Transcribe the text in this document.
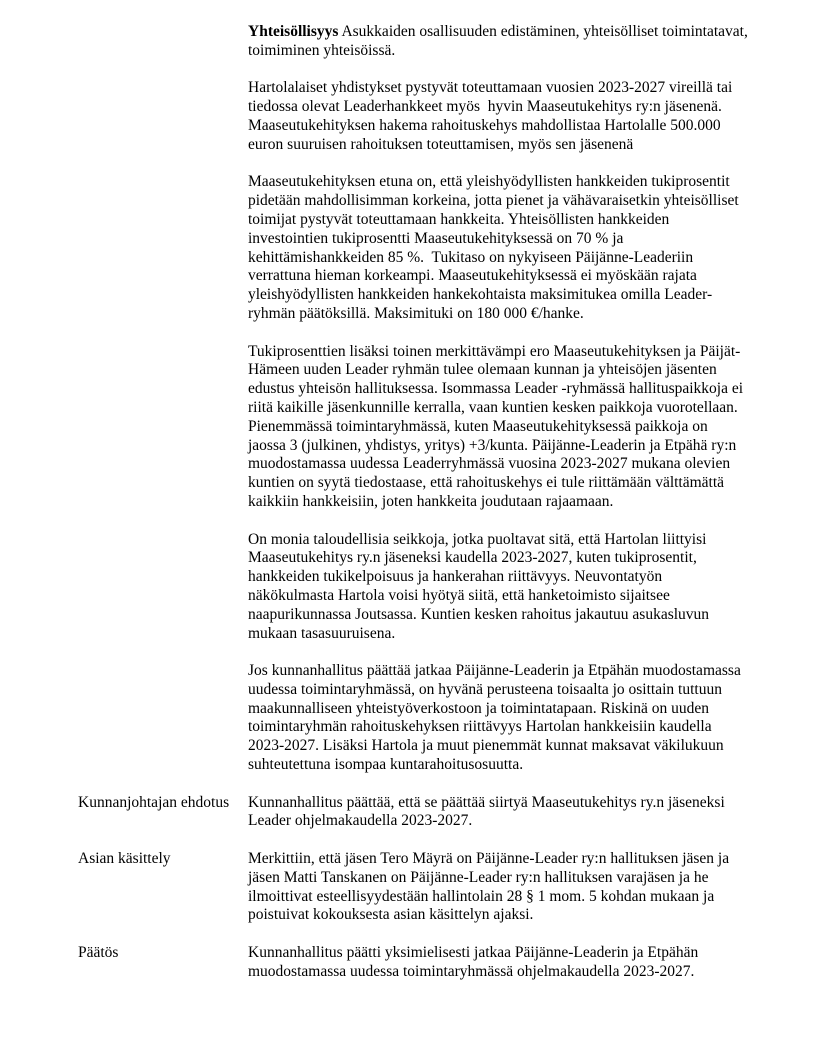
Yhteisöllisyys Asukkaiden osallisuuden edistäminen, yhteisölliset toimintatavat, toimiminen yhteisöissä.

Hartolalaiset yhdistykset pystyvät toteuttamaan vuosien 2023-2027 vireillä tai tiedossa olevat Leaderhankkeet myös  hyvin Maaseutukehitys ry:n jäsenenä. Maaseutukehityksen hakema rahoituskehys mahdollistaa Hartolalle 500.000 euron suuruisen rahoituksen toteuttamisen, myös sen jäsenenä

Maaseutukehityksen etuna on, että yleishyödyllisten hankkeiden tukiprosentit pidetään mahdollisimman korkeina, jotta pienet ja vähävaraisetkin yhteisölliset toimijat pystyvät toteuttamaan hankkeita. Yhteisöllisten hankkeiden investointien tukiprosentti Maaseutukehityksessä on 70 % ja kehittämishankkeiden 85 %.  Tukitaso on nykyiseen Päijänne-Leaderiin verrattuna hieman korkeampi. Maaseutukehityksessä ei myöskään rajata yleishyödyllisten hankkeiden hankekohtaista maksimitukea omilla Leader-ryhmän päätöksillä. Maksimituki on 180 000 €/hanke.

Tukiprosenttien lisäksi toinen merkittävämpi ero Maaseutukehityksen ja Päijät-Hämeen uuden Leader ryhmän tulee olemaan kunnan ja yhteisöjen jäsenten edustus yhteisön hallituksessa. Isommassa Leader -ryhmässä hallituspaikkoja ei riitä kaikille jäsenkunnille kerralla, vaan kuntien kesken paikkoja vuorotellaan. Pienemmässä toimintaryhmässä, kuten Maaseutukehityksessä paikkoja on jaossa 3 (julkinen, yhdistys, yritys) +3/kunta. Päijänne-Leaderin ja Etpähä ry:n muodostamassa uudessa Leaderryhmässä vuosina 2023-2027 mukana olevien kuntien on syytä tiedostaase, että rahoituskehys ei tule riittämään välttämättä kaikkiin hankkeisiin, joten hankkeita joudutaan rajaamaan.

On monia taloudellisia seikkoja, jotka puoltavat sitä, että Hartolan liittyisi Maaseutukehitys ry.n jäseneksi kaudella 2023-2027, kuten tukiprosentit, hankkeiden tukikelpoisuus ja hankerahan riittävyys. Neuvontatyön näkökulmasta Hartola voisi hyötyä siitä, että hanketoimisto sijaitsee naapurikunnassa Joutsassa. Kuntien kesken rahoitus jakautuu asukasluvun mukaan tasasuuruisena.

Jos kunnanhallitus päättää jatkaa Päijänne-Leaderin ja Etpähän muodostamassa uudessa toimintaryhmässä, on hyvänä perusteena toisaalta jo osittain tuttuun maakunnalliseen yhteistyöverkostoon ja toimintatapaan. Riskinä on uuden toimintaryhmän rahoituskehyksen riittävyys Hartolan hankkeisiin kaudella 2023-2027. Lisäksi Hartola ja muut pienemmät kunnat maksavat väkilukuun suhteutettuna isompaa kuntarahoitusosuutta.

Kunnanjohtajan ehdotus	Kunnanhallitus päättää, että se päättää siirtyä Maaseutukehitys ry.n jäseneksi Leader ohjelmakaudella 2023-2027.

Asian käsittely	Merkittiin, että jäsen Tero Mäyrä on Päijänne-Leader ry:n hallituksen jäsen ja jäsen Matti Tanskanen on Päijänne-Leader ry:n hallituksen varajäsen ja he ilmoittivat esteellisyydestään hallintolain 28 § 1 mom. 5 kohdan mukaan ja poistuivat kokouksesta asian käsittelyn ajaksi.

Päätös	Kunnanhallitus päätti yksimielisesti jatkaa Päijänne-Leaderin ja Etpähän muodostamassa uudessa toimintaryhmässä ohjelmakaudella 2023-2027.
